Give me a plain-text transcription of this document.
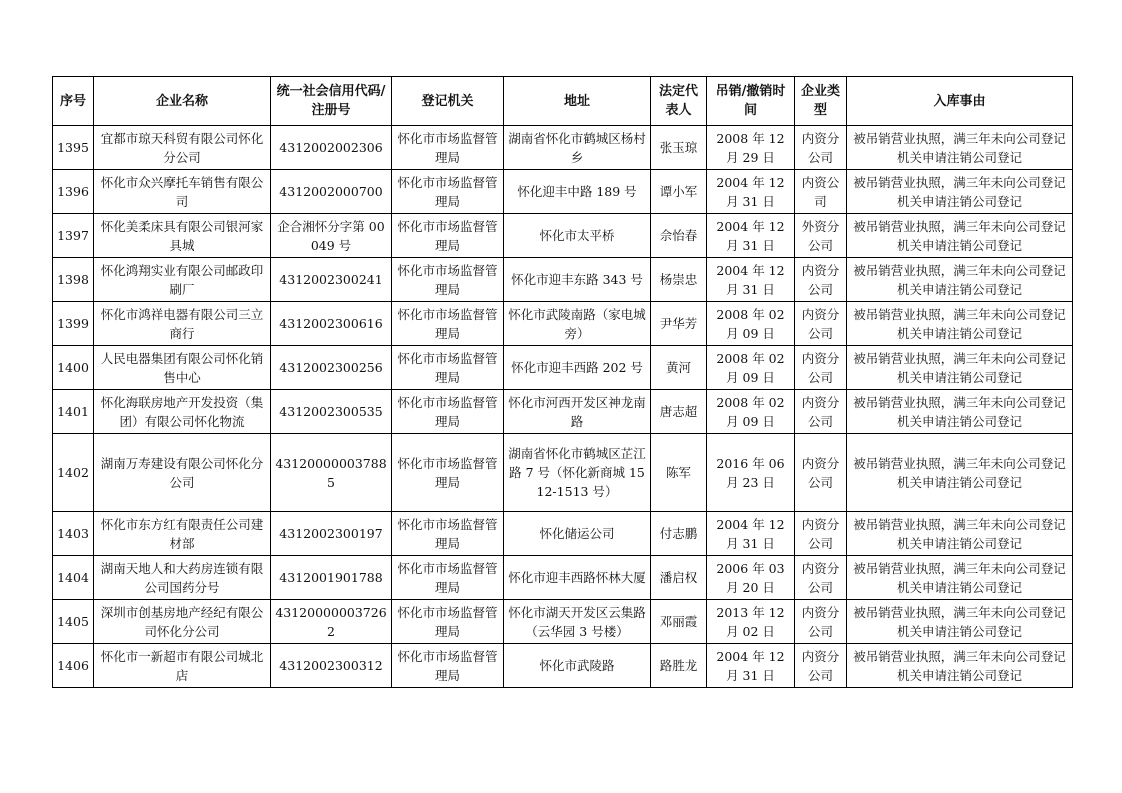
序号	企业名称	统一社会信用代码/注册号	登记机关	地址	法定代表人	吊销/撤销时间	企业类型	入库事由
1395	宜都市琼天科贸有限公司怀化分公司	4312002002306	怀化市市场监督管理局	湖南省怀化市鹤城区杨村乡	张玉琼	2008 年 12 月 29 日	内资分公司	被吊销营业执照，满三年未向公司登记机关申请注销公司登记
1396	怀化市众兴摩托车销售有限公司	4312002000700	怀化市市场监督管理局	怀化迎丰中路 189 号	谭小军	2004 年 12 月 31 日	内资公司	被吊销营业执照，满三年未向公司登记机关申请注销公司登记
1397	怀化美柔床具有限公司银河家具城	企合湘怀分字第 00049 号	怀化市市场监督管理局	怀化市太平桥	佘怡春	2004 年 12 月 31 日	外资分公司	被吊销营业执照，满三年未向公司登记机关申请注销公司登记
1398	怀化鸿翔实业有限公司邮政印刷厂	4312002300241	怀化市市场监督管理局	怀化市迎丰东路 343 号	杨崇忠	2004 年 12 月 31 日	内资分公司	被吊销营业执照，满三年未向公司登记机关申请注销公司登记
1399	怀化市鸿祥电器有限公司三立商行	4312002300616	怀化市市场监督管理局	怀化市武陵南路（家电城旁）	尹华芳	2008 年 02 月 09 日	内资分公司	被吊销营业执照，满三年未向公司登记机关申请注销公司登记
1400	人民电器集团有限公司怀化销售中心	4312002300256	怀化市市场监督管理局	怀化市迎丰西路 202 号	黄河	2008 年 02 月 09 日	内资分公司	被吊销营业执照，满三年未向公司登记机关申请注销公司登记
1401	怀化海联房地产开发投资（集团）有限公司怀化物流	4312002300535	怀化市市场监督管理局	怀化市河西开发区神龙南路	唐志超	2008 年 02 月 09 日	内资分公司	被吊销营业执照，满三年未向公司登记机关申请注销公司登记
1402	湖南万寿建设有限公司怀化分公司	431200000037885	怀化市市场监督管理局	湖南省怀化市鹤城区芷江路 7 号（怀化新商城 1512-1513 号）	陈军	2016 年 06 月 23 日	内资分公司	被吊销营业执照，满三年未向公司登记机关申请注销公司登记
1403	怀化市东方红有限责任公司建材部	4312002300197	怀化市市场监督管理局	怀化储运公司	付志鹏	2004 年 12 月 31 日	内资分公司	被吊销营业执照，满三年未向公司登记机关申请注销公司登记
1404	湖南天地人和大药房连锁有限公司国药分号	4312001901788	怀化市市场监督管理局	怀化市迎丰西路怀林大厦	潘启权	2006 年 03 月 20 日	内资分公司	被吊销营业执照，满三年未向公司登记机关申请注销公司登记
1405	深圳市创基房地产经纪有限公司怀化分公司	431200000037262	怀化市市场监督管理局	怀化市湖天开发区云集路（云华园 3 号楼）	邓丽霞	2013 年 12 月 02 日	内资分公司	被吊销营业执照，满三年未向公司登记机关申请注销公司登记
1406	怀化市一新超市有限公司城北店	4312002300312	怀化市市场监督管理局	怀化市武陵路	路胜龙	2004 年 12 月 31 日	内资分公司	被吊销营业执照，满三年未向公司登记机关申请注销公司登记
